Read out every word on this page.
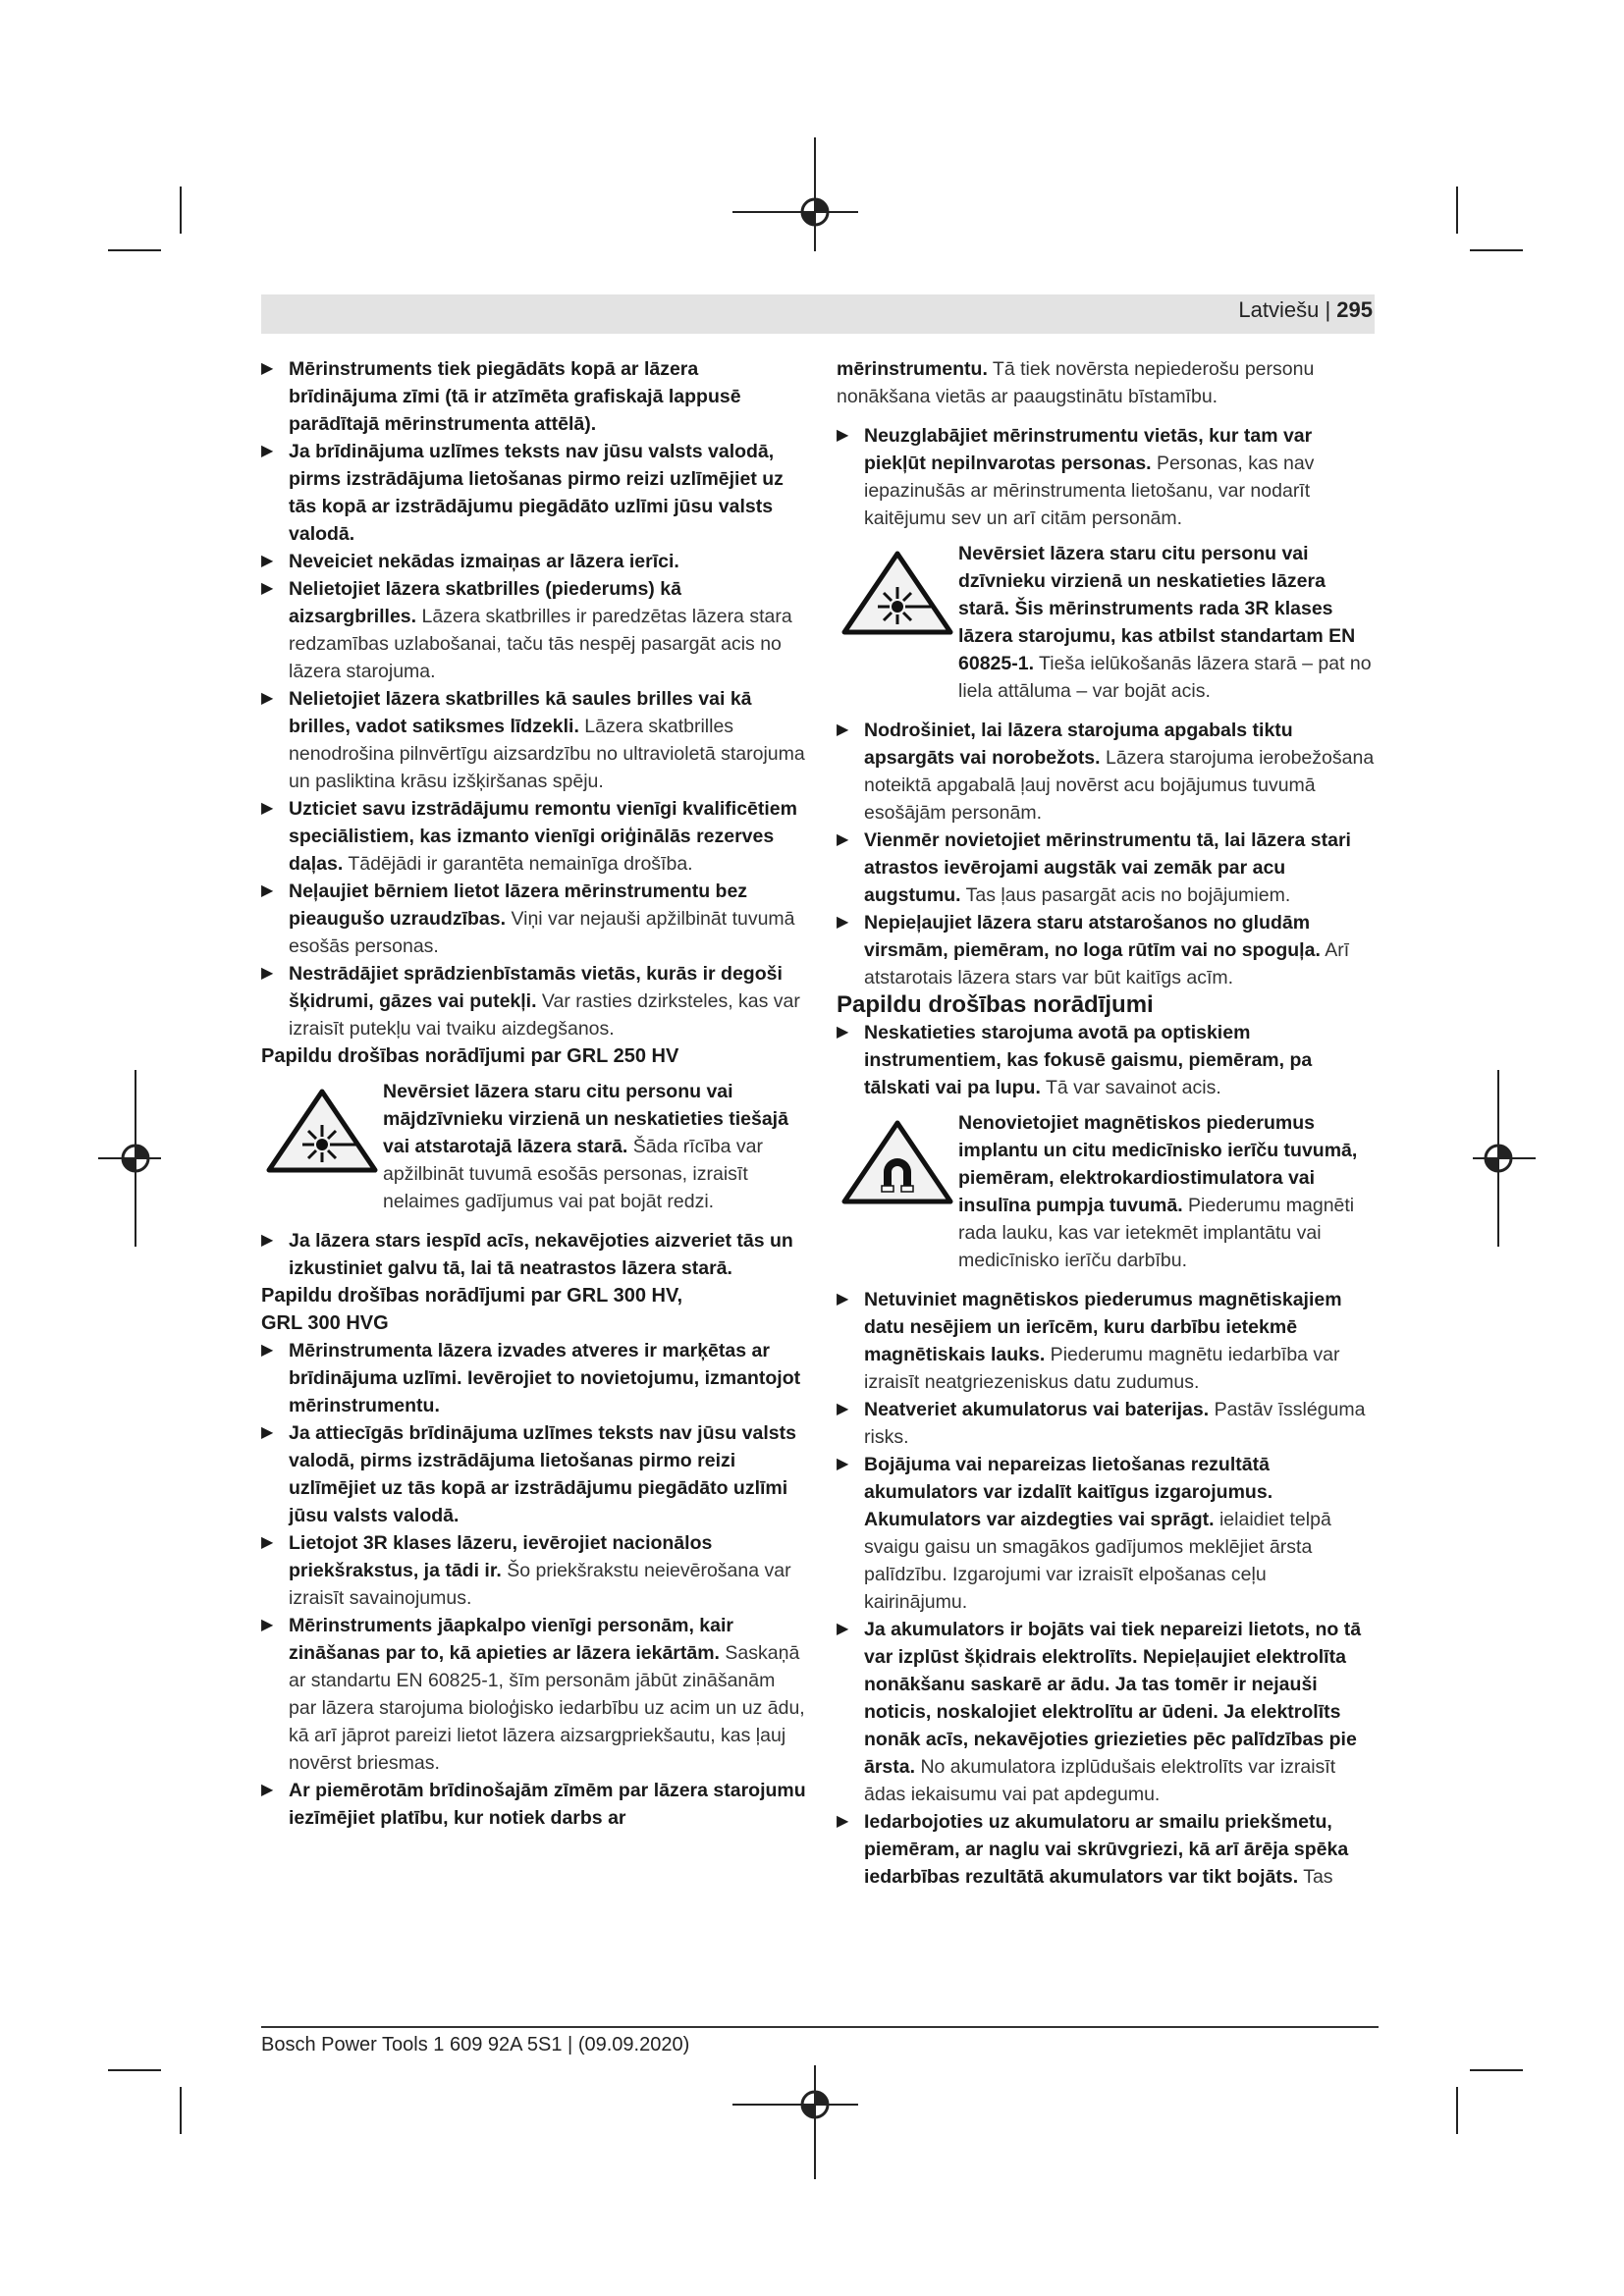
Latviešu | 295

▶ Mērinstruments tiek piegādāts kopā ar lāzera brīdinājuma zīmi (tā ir atzīmēta grafiskajā lappusē parādītajā mērinstrumenta attēlā).

▶ Ja brīdinājuma uzlīmes teksts nav jūsu valsts valodā, pirms izstrādājuma lietošanas pirmo reizi uzlīmējiet uz tās kopā ar izstrādājumu piegādāto uzlīmi jūsu valsts valodā.

▶ Neveiciet nekādas izmaiņas ar lāzera ierīci.

▶ Nelietojiet lāzera skatbrilles (piederums) kā aizsargbrilles. Lāzera skatbrilles ir paredzētas lāzera stara redzamības uzlabošanai, taču tās nespēj pasargāt acis no lāzera starojuma.

▶ Nelietojiet lāzera skatbrilles kā saules brilles vai kā brilles, vadot satiksmes līdzekli. Lāzera skatbrilles nenodrošina pilnvērtīgu aizsardzību no ultravioletā starojuma un pasliktina krāsu izšķiršanas spēju.

▶ Uzticiet savu izstrādājumu remontu vienīgi kvalificētiem speciālistiem, kas izmanto vienīgi oriģinālās rezerves daļas. Tādējādi ir garantēta nemainīga drošība.

▶ Neļaujiet bērniem lietot lāzera mērinstrumentu bez pieaugušo uzraudzības. Viņi var nejauši apžilbināt tuvumā esošās personas.

▶ Nestrādājiet sprādzienbīstamās vietās, kurās ir degoši šķidrumi, gāzes vai putekļi. Var rasties dzirksteles, kas var izraisīt putekļu vai tvaiku aizdegšanos.

Papildu drošības norādījumi par GRL 250 HV

Nevērsiet lāzera staru citu personu vai mājdzīvnieku virzienā un neskatieties tiešajā vai atstarotajā lāzera starā. Šāda rīcība var apžilbināt tuvumā esošās personas, izraisīt nelaimes gadījumus vai pat bojāt redzi.

▶ Ja lāzera stars iespīd acīs, nekavējoties aizveriet tās un izkustiniet galvu tā, lai tā neatrastos lāzera starā.

Papildu drošības norādījumi par GRL 300 HV, GRL 300 HVG

▶ Mērinstrumenta lāzera izvades atveres ir marķētas ar brīdinājuma uzlīmi. Ievērojiet to novietojumu, izmantojot mērinstrumentu.

▶ Ja attiecīgās brīdinājuma uzlīmes teksts nav jūsu valsts valodā, pirms izstrādājuma lietošanas pirmo reizi uzlīmējiet uz tās kopā ar izstrādājumu piegādāto uzlīmi jūsu valsts valodā.

▶ Lietojot 3R klases lāzeru, ievērojiet nacionālos priekšrakstus, ja tādi ir. Šo priekšrakstu neievērošana var izraisīt savainojumus.

▶ Mērinstruments jāapkalpo vienīgi personām, kair zināšanas par to, kā apieties ar lāzera iekārtām. Saskaņā ar standartu EN 60825-1, šīm personām jābūt zināšanām par lāzera starojuma bioloģisko iedarbību uz acim un uz ādu, kā arī jāprot pareizi lietot lāzera aizsargpriekšautu, kas ļauj novērst briesmas.

▶ Ar piemērotām brīdinošajām zīmēm par lāzera starojumu iezīmējiet platību, kur notiek darbs ar

mērinstrumentu. Tā tiek novērsta nepiederošu personu nonākšana vietās ar paaugstinātu bīstamību.

▶ Neuzglabājiet mērinstrumentu vietās, kur tam var piekļūt nepilnvarotas personas. Personas, kas nav iepazinušās ar mērinstrumenta lietošanu, var nodarīt kaitējumu sev un arī citām personām.

Nevērsiet lāzera staru citu personu vai dzīvnieku virzienā un neskatieties lāzera starā. Šis mērinstruments rada 3R klases lāzera starojumu, kas atbilst standartam EN 60825-1. Tieša ielūkošanās lāzera starā – pat no liela attāluma – var bojāt acis.

▶ Nodrošiniet, lai lāzera starojuma apgabals tiktu apsargāts vai norobežots. Lāzera starojuma ierobežošana noteiktā apgabalā ļauj novērst acu bojājumus tuvumā esošājām personām.

▶ Vienmēr novietojiet mērinstrumentu tā, lai lāzera stari atrastos ievērojami augstāk vai zemāk par acu augstumu. Tas ļaus pasargāt acis no bojājumiem.

▶ Nepieļaujiet lāzera staru atstarošanos no gludām virsmām, piemēram, no loga rūtīm vai no spoguļa. Arī atstarotais lāzera stars var būt kaitīgs acīm.

Papildu drošības norādījumi

▶ Neskatieties starojuma avotā pa optiskiem instrumentiem, kas fokusē gaismu, piemēram, pa tālskati vai pa lupu. Tā var savainot acis.

Nenovietojiet magnētiskos piederumus implantu un citu medicīnisko ierīču tuvumā, piemēram, elektrokardiostimulatora vai insulīna pumpja tuvumā. Piederumu magnēti rada lauku, kas var ietekmēt implantātu vai medicīnisko ierīču darbību.

▶ Netuviniet magnētiskos piederumus magnētiskajiem datu nesējiem un ierīcēm, kuru darbību ietekmē magnētiskais lauks. Piederumu magnētu iedarbība var izraisīt neatgriezeniskus datu zudumus.

▶ Neatveriet akumulatorus vai baterijas. Pastāv īssléguma risks.

▶ Bojājuma vai nepareizas lietošanas rezultātā akumulators var izdalīt kaitīgus izgarojumus. Akumulators var aizdegties vai sprāgt. ielaidiet telpā svaigu gaisu un smagākos gadījumos meklējiet ārsta palīdzību. Izgarojumi var izraisīt elpošanas ceļu kairinājumu.

▶ Ja akumulators ir bojāts vai tiek nepareizi lietots, no tā var izplūst šķidrais elektrolīts. Nepieļaujiet elektrolīta nonākšanu saskarē ar ādu. Ja tas tomēr ir nejauši noticis, noskalojiet elektrolītu ar ūdeni. Ja elektrolīts nonāk acīs, nekavējoties griezieties pēc palīdzības pie ārsta. No akumulatora izplūdušais elektrolīts var izraisīt ādas iekaisumu vai pat apdegumu.

▶ Iedarbojoties uz akumulatoru ar smailu priekšmetu, piemēram, ar naglu vai skrūvgriezi, kā arī ārēja spēka iedarbības rezultātā akumulators var tikt bojāts. Tas

Bosch Power Tools 1 609 92A 5S1 | (09.09.2020)
